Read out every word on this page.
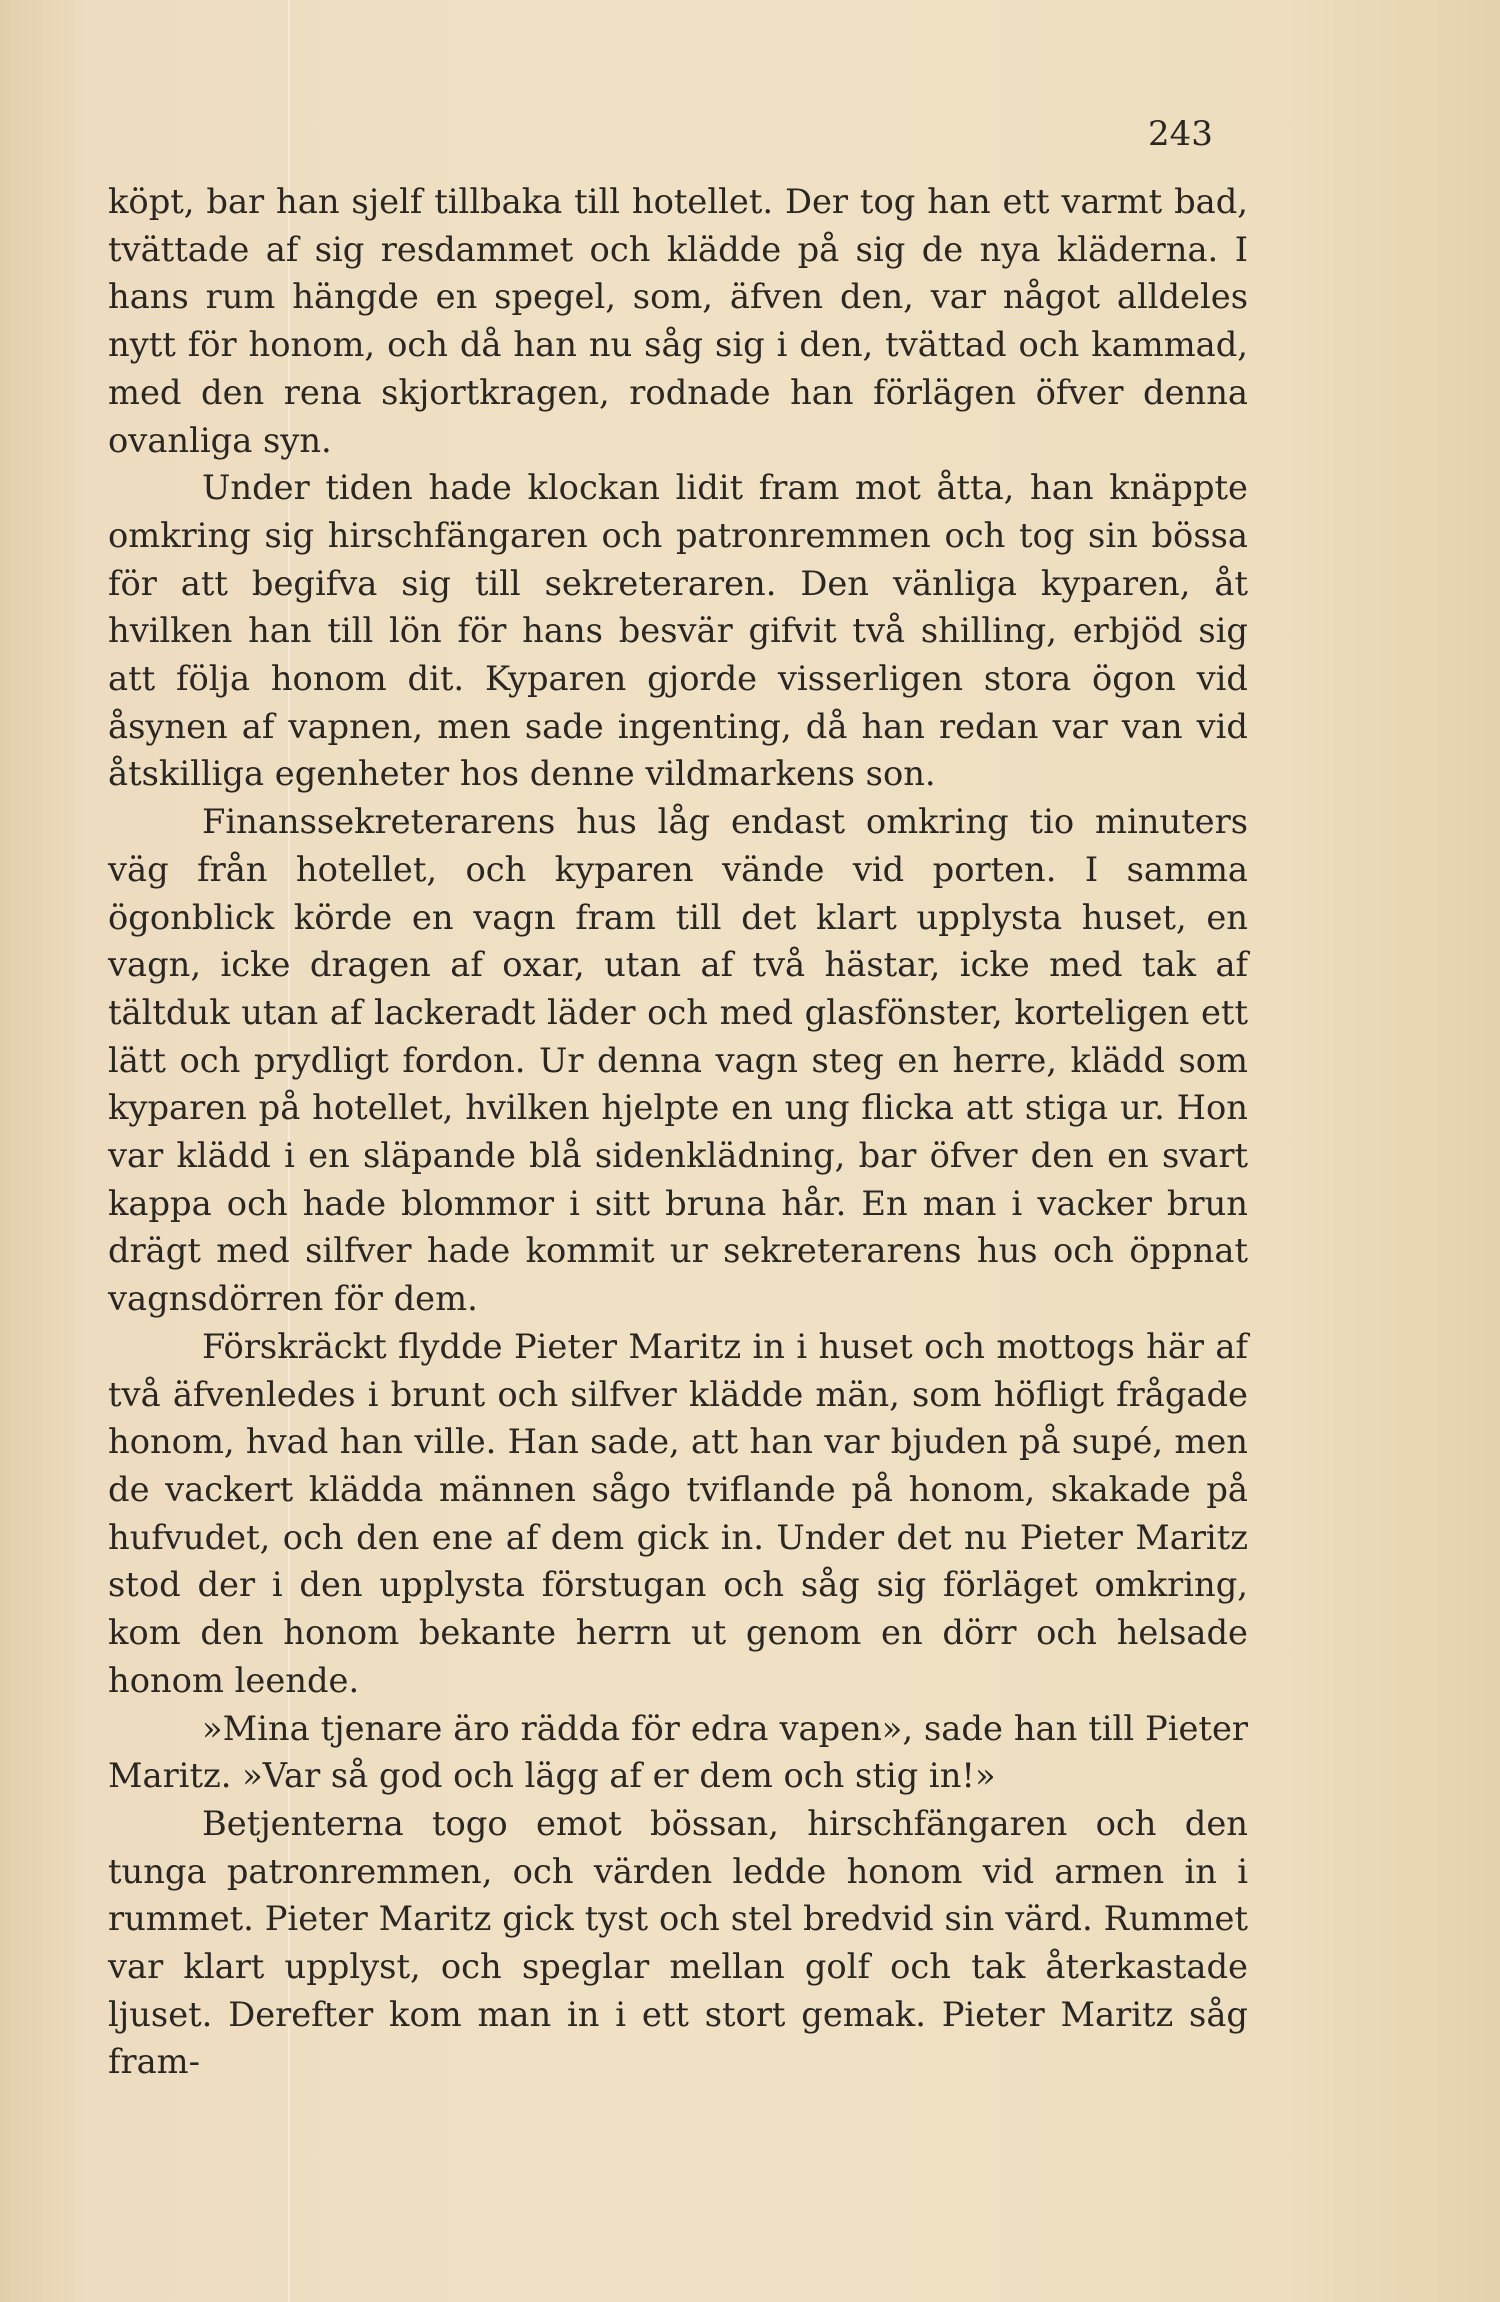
243

köpt, bar han sjelf tillbaka till hotellet. Der tog han ett varmt bad, tvättade af sig resdammet och klädde på sig de nya kläderna. I hans rum hängde en spegel, som, äfven den, var något alldeles nytt för honom, och då han nu såg sig i den, tvättad och kammad, med den rena skjortkragen, rodnade han förlägen öfver denna ovanliga syn.

Under tiden hade klockan lidit fram mot åtta, han knäppte omkring sig hirschfängaren och patronremmen och tog sin bössa för att begifva sig till sekreteraren. Den vänliga kyparen, åt hvilken han till lön för hans besvär gifvit två shilling, erbjöd sig att följa honom dit. Kyparen gjorde visserligen stora ögon vid åsynen af vapnen, men sade ingenting, då han redan var van vid åtskilliga egenheter hos denne vildmarkens son.

Finanssekreterarens hus låg endast omkring tio minuters väg från hotellet, och kyparen vände vid porten. I samma ögonblick körde en vagn fram till det klart upplysta huset, en vagn, icke dragen af oxar, utan af två hästar, icke med tak af tältduk utan af lackeradt läder och med glasfönster, korteligen ett lätt och prydligt fordon. Ur denna vagn steg en herre, klädd som kyparen på hotellet, hvilken hjelpte en ung flicka att stiga ur. Hon var klädd i en släpande blå sidenklädning, bar öfver den en svart kappa och hade blommor i sitt bruna hår. En man i vacker brun drägt med silfver hade kommit ur sekreterarens hus och öppnat vagnsdörren för dem.

Förskräckt flydde Pieter Maritz in i huset och mottogs här af två äfvenledes i brunt och silfver klädde män, som höfligt frågade honom, hvad han ville. Han sade, att han var bjuden på supé, men de vackert klädda männen sågo tviflande på honom, skakade på hufvudet, och den ene af dem gick in. Under det nu Pieter Maritz stod der i den upplysta förstugan och såg sig förläget omkring, kom den honom bekante herrn ut genom en dörr och helsade honom leende.

»Mina tjenare äro rädda för edra vapen», sade han till Pieter Maritz. »Var så god och lägg af er dem och stig in!»

Betjenterna togo emot bössan, hirschfängaren och den tunga patronremmen, och värden ledde honom vid armen in i rummet. Pieter Maritz gick tyst och stel bredvid sin värd. Rummet var klart upplyst, och speglar mellan golf och tak återkastade ljuset. Derefter kom man in i ett stort gemak. Pieter Maritz såg fram-
